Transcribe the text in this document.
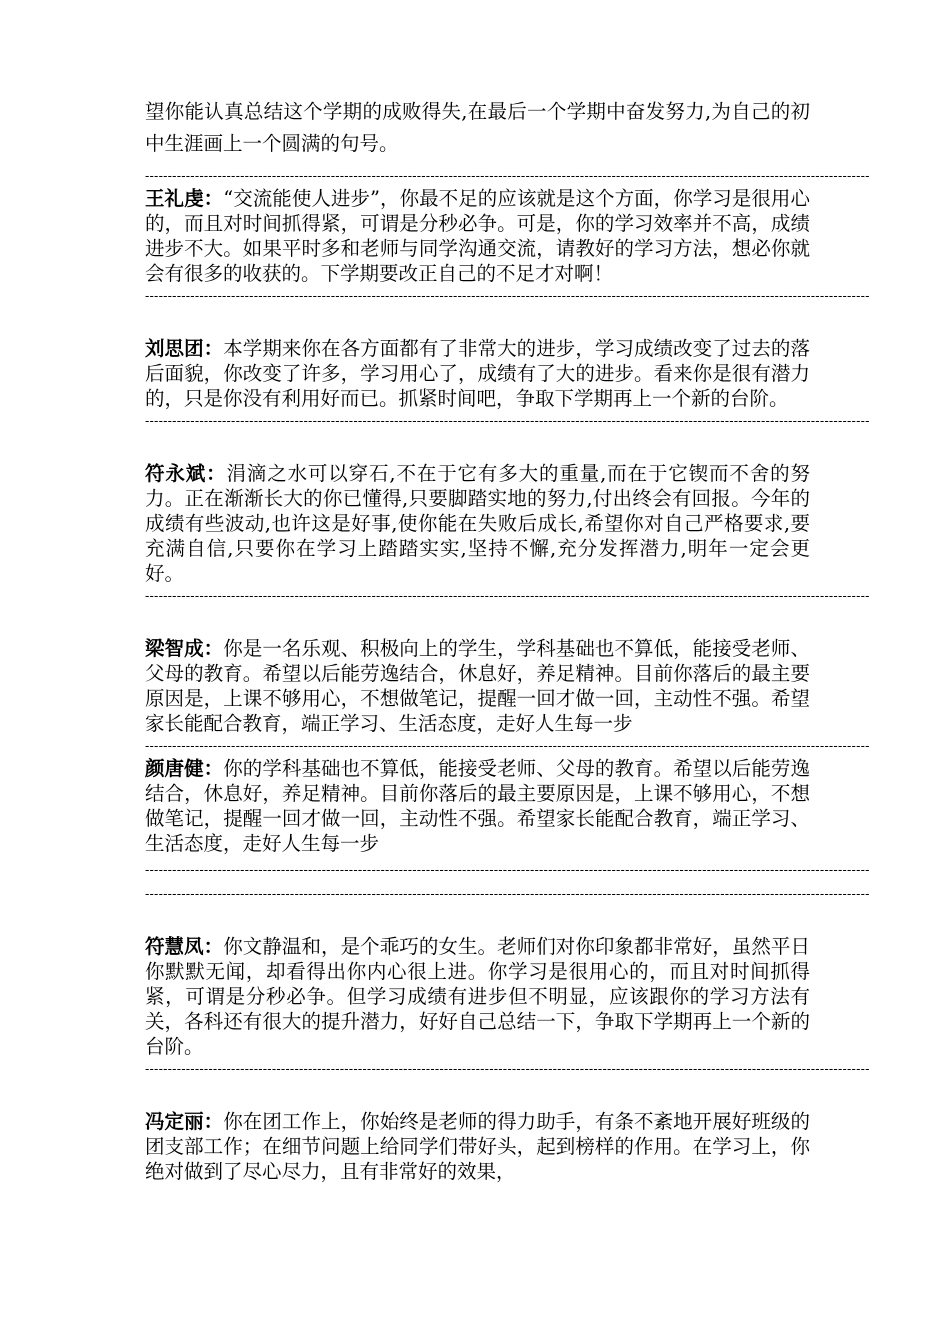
望你能认真总结这个学期的成败得失,在最后一个学期中奋发努力,为自己的初中生涯画上一个圆满的句号。

----------------------------------------------------------------------------------------------------------------------------------------------------------------

王礼虔：“交流能使人进步”，你最不足的应该就是这个方面，你学习是很用心的，而且对时间抓得紧，可谓是分秒必争。可是，你的学习效率并不高，成绩进步不大。如果平时多和老师与同学沟通交流，请教好的学习方法，想必你就会有很多的收获的。下学期要改正自己的不足才对啊！

----------------------------------------------------------------------------------------------------------------------------------------------------------------

刘思团：本学期来你在各方面都有了非常大的进步，学习成绩改变了过去的落后面貌，你改变了许多，学习用心了，成绩有了大的进步。看来你是很有潜力的，只是你没有利用好而已。抓紧时间吧，争取下学期再上一个新的台阶。

----------------------------------------------------------------------------------------------------------------------------------------------------------------

符永斌：涓滴之水可以穿石,不在于它有多大的重量,而在于它锲而不舍的努力。正在渐渐长大的你已懂得,只要脚踏实地的努力,付出终会有回报。今年的成绩有些波动,也许这是好事,使你能在失败后成长,希望你对自己严格要求,要充满自信,只要你在学习上踏踏实实,坚持不懈,充分发挥潜力,明年一定会更好。

----------------------------------------------------------------------------------------------------------------------------------------------------------------

梁智成：你是一名乐观、积极向上的学生，学科基础也不算低，能接受老师、父母的教育。希望以后能劳逸结合，休息好，养足精神。目前你落后的最主要原因是，上课不够用心，不想做笔记，提醒一回才做一回，主动性不强。希望家长能配合教育，端正学习、生活态度，走好人生每一步

----------------------------------------------------------------------------------------------------------------------------------------------------------------

颜唐健：你的学科基础也不算低，能接受老师、父母的教育。希望以后能劳逸结合，休息好，养足精神。目前你落后的最主要原因是，上课不够用心，不想做笔记，提醒一回才做一回，主动性不强。希望家长能配合教育，端正学习、生活态度，走好人生每一步

----------------------------------------------------------------------------------------------------------------------------------------------------------------
----------------------------------------------------------------------------------------------------------------------------------------------------------------

符慧凤：你文静温和，是个乖巧的女生。老师们对你印象都非常好，虽然平日你默默无闻，却看得出你内心很上进。你学习是很用心的，而且对时间抓得紧，可谓是分秒必争。但学习成绩有进步但不明显，应该跟你的学习方法有关，各科还有很大的提升潜力，好好自己总结一下，争取下学期再上一个新的台阶。

----------------------------------------------------------------------------------------------------------------------------------------------------------------

冯定丽：你在团工作上，你始终是老师的得力助手，有条不紊地开展好班级的团支部工作；在细节问题上给同学们带好头，起到榜样的作用。在学习上，你绝对做到了尽心尽力，且有非常好的效果，
